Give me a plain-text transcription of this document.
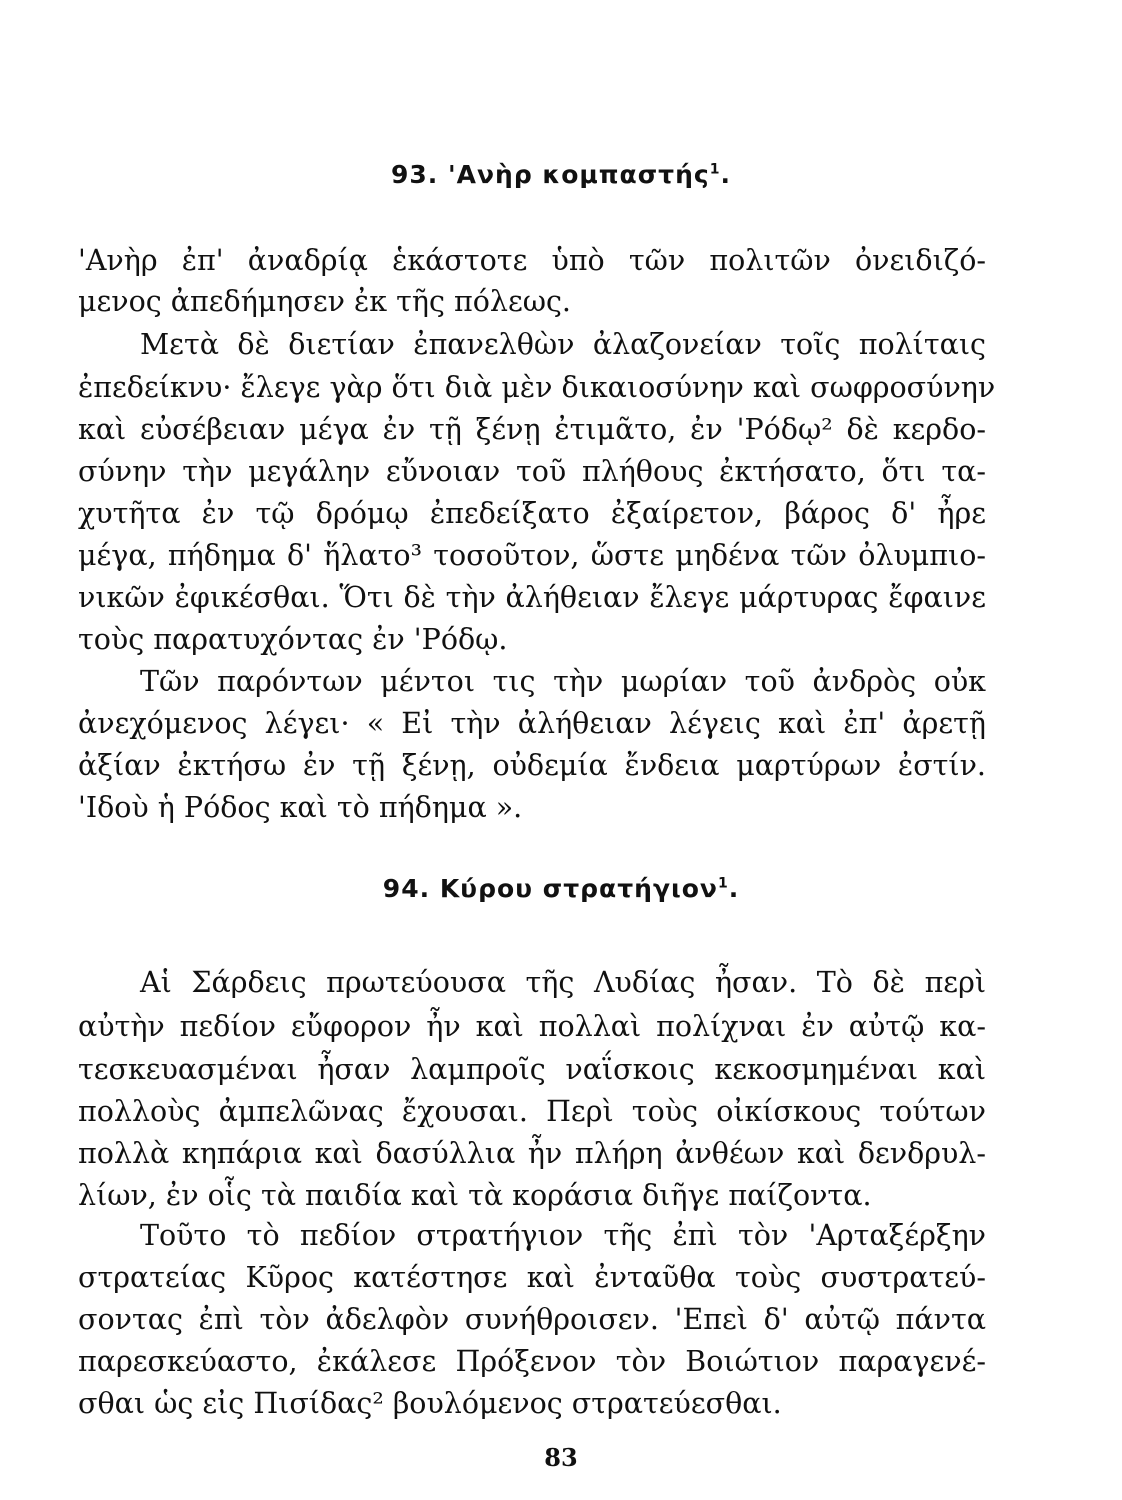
93. 'Ανὴρ κομπαστής$^1$.
'Ανὴρ ἐπ' ἀναδρίᾳ ἑκάστοτε ὑπὸ τῶν πολιτῶν ὀνειδιζό-
μενος ἀπεδήμησεν ἐκ τῆς πόλεως.
Μετὰ δὲ διετίαν ἐπανελθὼν ἀλαζονείαν τοῖς πολίταις
ἐπεδείκνυ· ἔλεγε γὰρ ὅτι διὰ μὲν δικαιοσύνην καὶ σωφροσύνην
καὶ εὐσέβειαν μέγα ἐν τῇ ξένῃ ἐτιμᾶτο, ἐν 'Ρόδῳ² δὲ κερδο-
σύνην τὴν μεγάλην εὔνοιαν τοῦ πλήθους ἐκτήσατο, ὅτι τα-
χυτῆτα ἐν τῷ δρόμῳ ἐπεδείξατο ἐξαίρετον, βάρος δ' ἦρε
μέγα, πήδημα δ' ἥλατο³ τοσοῦτον, ὥστε μηδένα τῶν ὀλυμπιο-
νικῶν ἐφικέσθαι. Ὅτι δὲ τὴν ἀλήθειαν ἔλεγε μάρτυρας ἔφαινε
τοὺς παρατυχόντας ἐν 'Ρόδῳ.
Τῶν παρόντων μέντοι τις τὴν μωρίαν τοῦ ἀνδρὸς οὐκ
ἀνεχόμενος λέγει· « Εἰ τὴν ἀλήθειαν λέγεις καὶ ἐπ' ἀρετῇ
ἀξίαν ἐκτήσω ἐν τῇ ξένῃ, οὐδεμία ἔνδεια μαρτύρων ἐστίν.
'Ιδοὺ ἡ Ρόδος καὶ τὸ πήδημα ».
94. Κύρου στρατήγιον$^1$.
Αἱ Σάρδεις πρωτεύουσα τῆς Λυδίας ἦσαν. Τὸ δὲ περὶ
αὐτὴν πεδίον εὔφορον ἦν καὶ πολλαὶ πολίχναι ἐν αὐτῷ κα-
τεσκευασμέναι ἦσαν λαμπροῖς ναΐσκοις κεκοσμημέναι καὶ
πολλοὺς ἀμπελῶνας ἔχουσαι. Περὶ τοὺς οἰκίσκους τούτων
πολλὰ κηπάρια καὶ δασύλλια ἦν πλήρη ἀνθέων καὶ δενδρυλ-
λίων, ἐν οἷς τὰ παιδία καὶ τὰ κοράσια διῆγε παίζοντα.
Τοῦτο τὸ πεδίον στρατήγιον τῆς ἐπὶ τὸν 'Αρταξέρξην
στρατείας Κῦρος κατέστησε καὶ ἐνταῦθα τοὺς συστρατεύ-
σοντας ἐπὶ τὸν ἀδελφὸν συνήθροισεν. 'Επεὶ δ' αὐτῷ πάντα
παρεσκεύαστο, ἐκάλεσε Πρόξενον τὸν Βοιώτιον παραγενέ-
σθαι ὡς εἰς Πισίδας² βουλόμενος στρατεύεσθαι.
83
